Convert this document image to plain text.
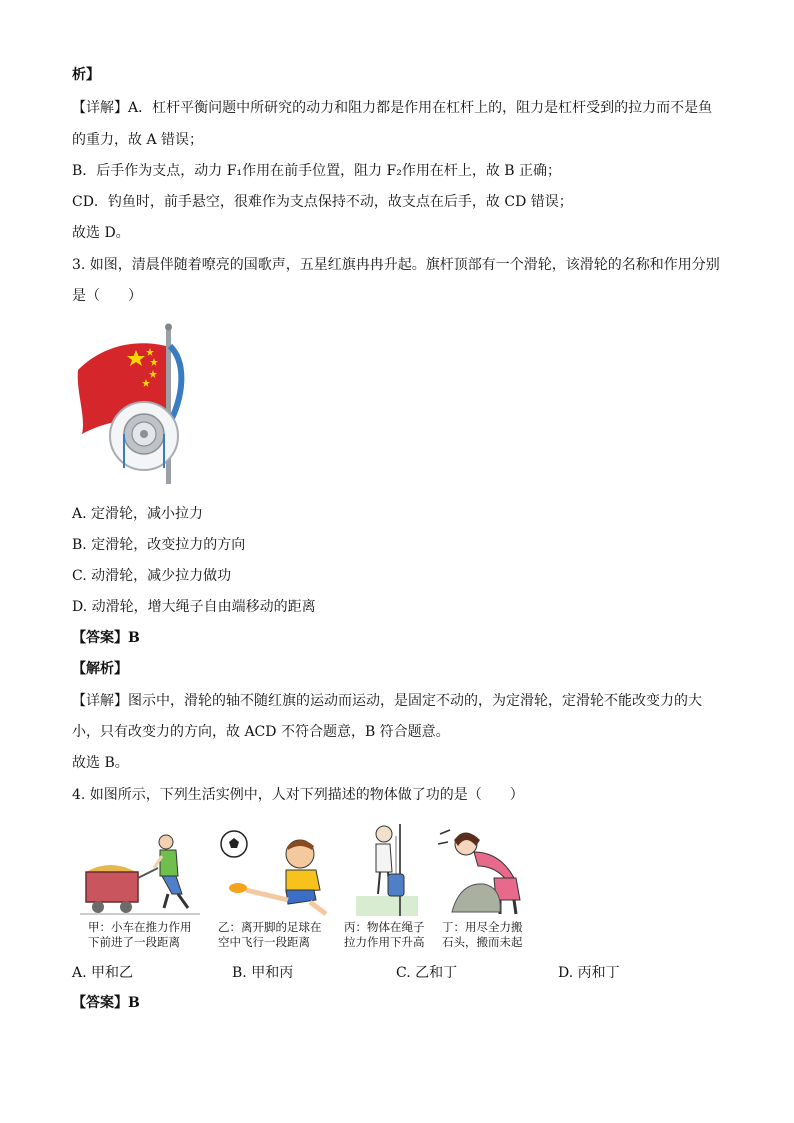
析】
【详解】A．杠杆平衡问题中所研究的动力和阻力都是作用在杠杆上的，阻力是杠杆受到的拉力而不是鱼
的重力，故 A 错误；
B．后手作为支点，动力 F₁作用在前手位置，阻力 F₂作用在杆上，故 B 正确；
CD．钓鱼时，前手悬空，很难作为支点保持不动，故支点在后手，故 CD 错误；
故选 D。
3. 如图，清晨伴随着嘹亮的国歌声，五星红旗冉冉升起。旗杆顶部有一个滑轮，该滑轮的名称和作用分别
是（　　）
A. 定滑轮，减小拉力
B. 定滑轮，改变拉力的方向
C. 动滑轮，减少拉力做功
D. 动滑轮，增大绳子自由端移动的距离
【答案】B
【解析】
【详解】图示中，滑轮的轴不随红旗的运动而运动，是固定不动的，为定滑轮，定滑轮不能改变力的大
小，只有改变力的方向，故 ACD 不符合题意，B 符合题意。
故选 B。
4. 如图所示，下列生活实例中，人对下列描述的物体做了功的是（　　）
甲：小车在推力作用
下前进了一段距离
乙：离开脚的足球在
空中飞行一段距离
丙：物体在绳子
拉力作用下升高
丁：用尽全力搬
石头，搬而未起
A. 甲和乙	B. 甲和丙	C. 乙和丁	D. 丙和丁
【答案】B
